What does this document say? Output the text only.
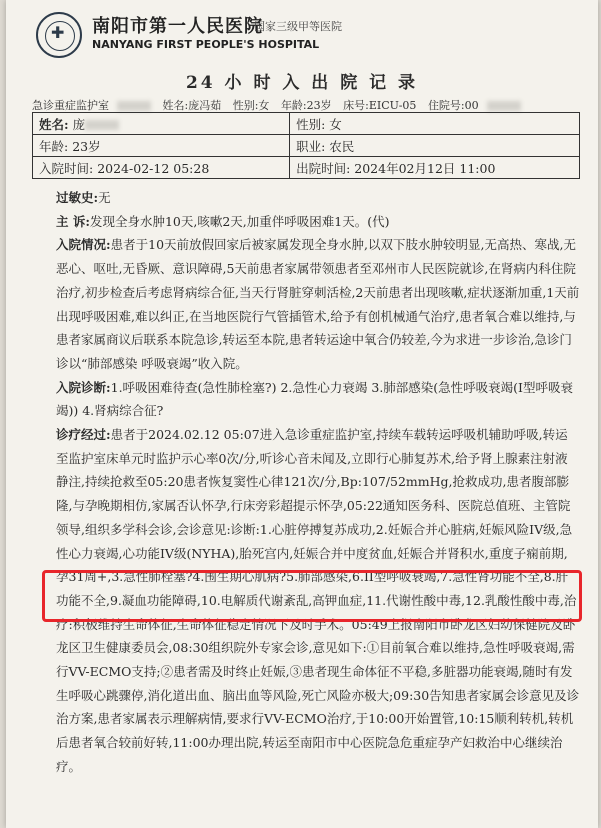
✚
南阳市第一人民医院
国家三级甲等医院
NANYANG FIRST PEOPLE'S HOSPITAL
24 小 时 入 出 院 记 录
急诊重症监护室	姓名:庞冯茹 性别:女 年龄:23岁 床号:EICU-05 住院号:00
姓名: 庞	性别: 女
年龄: 23岁	职业: 农民
入院时间: 2024-02-12 05:28	出院时间: 2024年02月12日 11:00

过敏史:无

主 诉:发现全身水肿10天,咳嗽2天,加重伴呼吸困难1天。(代)

入院情况:患者于10天前放假回家后被家属发现全身水肿,以双下肢水肿较明显,无高热、寒战,无恶心、呕吐,无昏厥、意识障碍,5天前患者家属带领患者至邓州市人民医院就诊,在肾病内科住院治疗,初步检查后考虑肾病综合征,当天行肾脏穿刺活检,2天前患者出现咳嗽,症状逐渐加重,1天前出现呼吸困难,难以纠正,在当地医院行气管插管术,给予有创机械通气治疗,患者氧合难以维持,与患者家属商议后联系本院急诊,转运至本院,患者转运途中氧合仍较差,今为求进一步诊治,急诊门诊以“肺部感染 呼吸衰竭”收入院。

入院诊断:1.呼吸困难待查(急性肺栓塞?) 2.急性心力衰竭 3.肺部感染(急性呼吸衰竭(I型呼吸衰竭)) 4.肾病综合征?

诊疗经过:患者于2024.02.12 05:07进入急诊重症监护室,持续车载转运呼吸机辅助呼吸,转运至监护室床单元时监护示心率0次/分,听诊心音未闻及,立即行心肺复苏术,给予肾上腺素注射液静注,持续抢救至05:20患者恢复窦性心律121次/分,Bp:107/52mmHg,抢救成功,患者腹部膨隆,与孕晚期相仿,家属否认怀孕,行床旁彩超提示怀孕,05:22通知医务科、医院总值班、主管院领导,组织多学科会诊,会诊意见:诊断:1.心脏停搏复苏成功,2.妊娠合并心脏病,妊娠风险IV级,急性心力衰竭,心功能IV级(NYHA),胎死宫内,妊娠合并中度贫血,妊娠合并肾积水,重度子痫前期,孕31周+,3.急性肺栓塞?4.围生期心肌病?5.肺部感染,6.II型呼吸衰竭,7.急性肾功能不全,8.肝功能不全,9.凝血功能障碍,10.电解质代谢紊乱,高钾血症,11.代谢性酸中毒,12.乳酸性酸中毒,治疗:积极维持生命体征,生命体征稳定情况下及时手术。05:49上报南阳市卧龙区妇幼保健院及卧龙区卫生健康委员会,08:30组织院外专家会诊,意见如下:①目前氧合难以维持,急性呼吸衰竭,需行VV-ECMO支持;②患者需及时终止妊娠,③患者现生命体征不平稳,多脏器功能衰竭,随时有发生呼吸心跳骤停,消化道出血、脑出血等风险,死亡风险亦极大;09:30告知患者家属会诊意见及诊治方案,患者家属表示理解病情,要求行VV-ECMO治疗,于10:00开始置管,10:15顺利转机,转机后患者氧合较前好转,11:00办理出院,转运至南阳市中心医院急危重症孕产妇救治中心继续治疗。
